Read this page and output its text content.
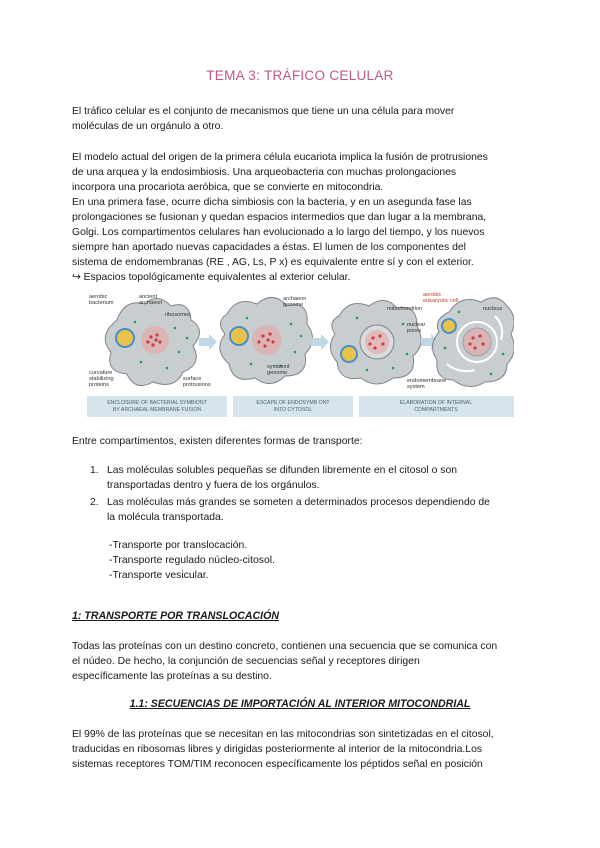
TEMA 3: TRÁFICO CELULAR
El tráfico celular es el conjunto de mecanismos que tiene un una célula para mover
moléculas de un orgánulo a otro.
El modelo actual del origen de la primera célula eucariota implica la fusión de protrusiones
de una arquea y la endosimbiosis. Una arqueobacteria con muchas prolongaciones
incorpora una procariota aeróbica, que se convierte en mitocondria.
En una primera fase, ocurre dicha simbiosis con la bacteria, y en un asegunda fase las
prolongaciones se fusionan y quedan espacios intermedios que dan lugar a la membrana,
Golgi. Los compartimentos celulares han evolucionado a lo largo del tiempo, y los nuevos
siempre han aportado nuevas capacidades a éstas. El lumen de los componentes del
sistema de endomembranas (RE , AG, Ls, P x) es equivalente entre sí y con el exterior.
↪ Espacios topológicamente equivalentes al exterior celular.
aerobic
bacterium
ancient
archaeon
ribosomes
curvature
stabilizing
proteins
surface
protrusions
archaeon
genome
symbiont
genome
aerobic
eukaryotic cell
mitochondrion	nucleus
nuclear
pores
endomembrane
system
ENCLOSURE OF BACTERIAL SYMBIONT
BY ARCHAEAL MEMBRANE FUSION
ESCAPE OF ENDOSYMB ONT
INTO CYTOSOL
ELABORATION OF INTERNAL
COMPARTMENTS
Entre compartimentos, existen diferentes formas de transporte:
1. Las moléculas solubles pequeñas se difunden libremente en el citosol o son
transportadas dentro y fuera de los orgánulos.
2. Las moléculas más grandes se someten a determinados procesos dependiendo de
la molécula transportada.
-Transporte por translocación.
-Transporte regulado núcleo-citosol.
-Transporte vesicular.
1: TRANSPORTE POR TRANSLOCACIÓN
Todas las proteínas con un destino concreto, contienen una secuencia que se comunica con
el núdeo. De hecho, la conjunción de secuencias señal y receptores dirigen
específicamente las proteínas a su destino.
1.1: SECUENCIAS DE IMPORTACIÓN AL INTERIOR MITOCONDRIAL
El 99% de las proteínas que se necesitan en las mitocondrias son sintetizadas en el citosol,
traducidas en ribosomas libres y dirigidas posteriormente al interior de la mitocondria.Los
sistemas receptores TOM/TIM reconocen específicamente los péptidos señal en posición
